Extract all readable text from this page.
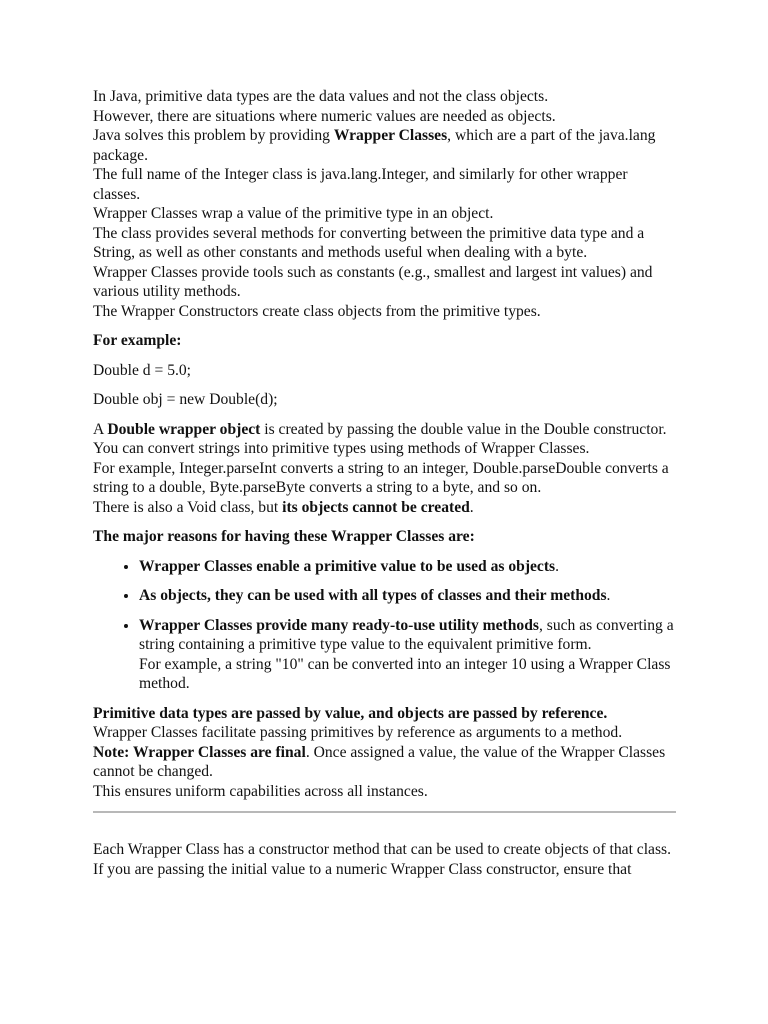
In Java, primitive data types are the data values and not the class objects.
However, there are situations where numeric values are needed as objects.
Java solves this problem by providing Wrapper Classes, which are a part of the java.lang package.
The full name of the Integer class is java.lang.Integer, and similarly for other wrapper classes.
Wrapper Classes wrap a value of the primitive type in an object.
The class provides several methods for converting between the primitive data type and a String, as well as other constants and methods useful when dealing with a byte.
Wrapper Classes provide tools such as constants (e.g., smallest and largest int values) and various utility methods.
The Wrapper Constructors create class objects from the primitive types.

For example:

Double d = 5.0;

Double obj = new Double(d);

A Double wrapper object is created by passing the double value in the Double constructor.
You can convert strings into primitive types using methods of Wrapper Classes.
For example, Integer.parseInt converts a string to an integer, Double.parseDouble converts a string to a double, Byte.parseByte converts a string to a byte, and so on.
There is also a Void class, but its objects cannot be created.

The major reasons for having these Wrapper Classes are:

• Wrapper Classes enable a primitive value to be used as objects.
• As objects, they can be used with all types of classes and their methods.
• Wrapper Classes provide many ready-to-use utility methods, such as converting a string containing a primitive type value to the equivalent primitive form.
For example, a string "10" can be converted into an integer 10 using a Wrapper Class method.
Primitive data types are passed by value, and objects are passed by reference.
Wrapper Classes facilitate passing primitives by reference as arguments to a method.
Note: Wrapper Classes are final. Once assigned a value, the value of the Wrapper Classes cannot be changed.
This ensures uniform capabilities across all instances.
Each Wrapper Class has a constructor method that can be used to create objects of that class.
If you are passing the initial value to a numeric Wrapper Class constructor, ensure that
